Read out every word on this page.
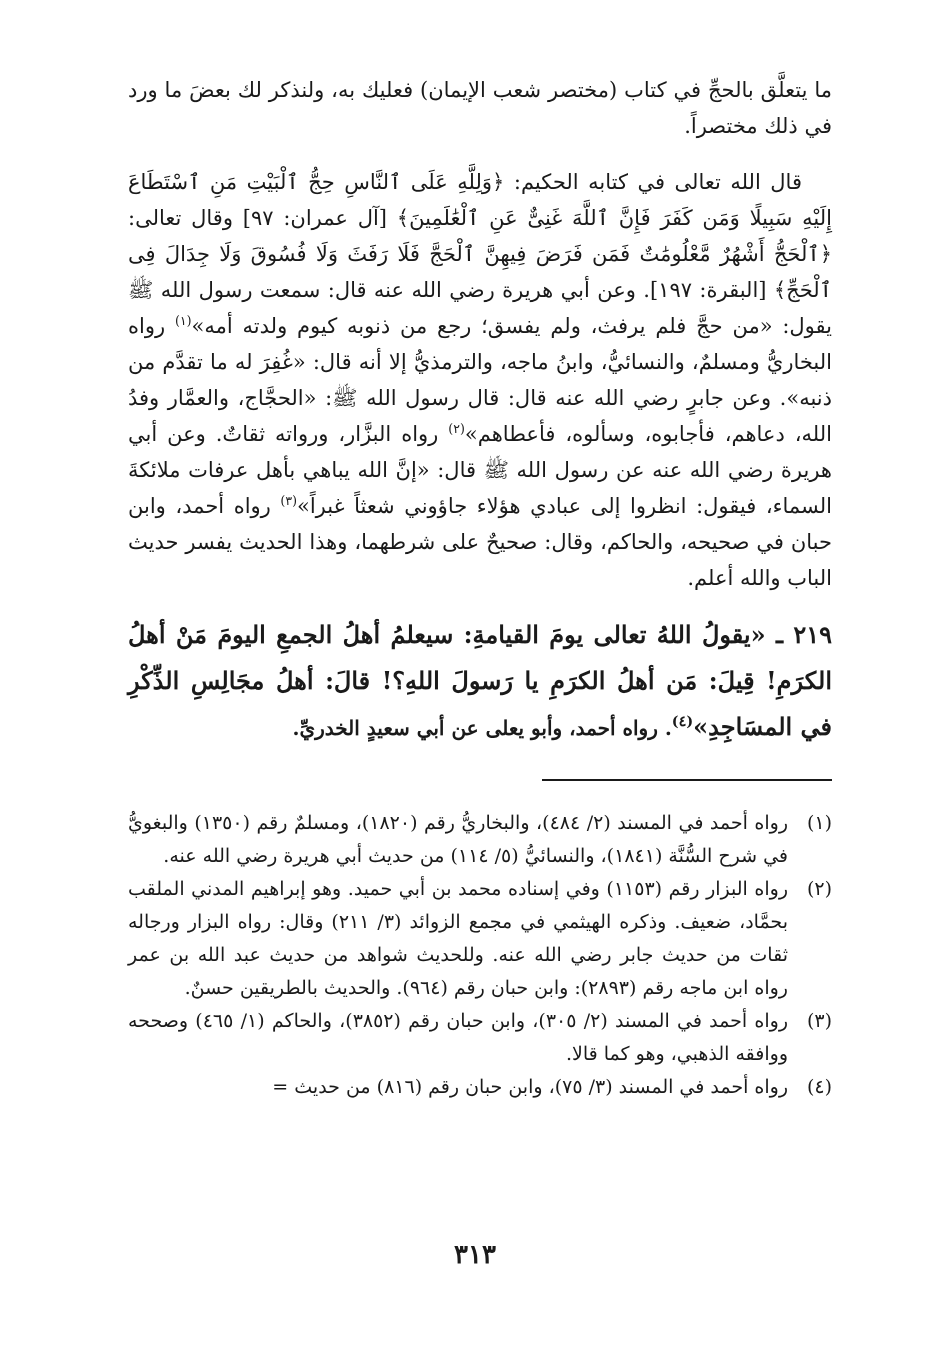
ما يتعلَّق بالحجِّ في كتاب (مختصر شعب الإيمان) فعليك به، ولنذكر لك بعضَ ما ورد في ذلك مختصراً.

قال الله تعالى في كتابه الحكيم: ﴿وَلِلَّهِ عَلَى ٱلنَّاسِ حِجُّ ٱلْبَيْتِ مَنِ ٱسْتَطَاعَ إِلَيْهِ سَبِيلًا وَمَن كَفَرَ فَإِنَّ ٱللَّهَ غَنِىٌّ عَنِ ٱلْعَٰلَمِينَ﴾ [آل عمران: ٩٧] وقال تعالى: ﴿ٱلْحَجُّ أَشْهُرٌ مَّعْلُومَٰتٌ فَمَن فَرَضَ فِيهِنَّ ٱلْحَجَّ فَلَا رَفَثَ وَلَا فُسُوقَ وَلَا جِدَالَ فِى ٱلْحَجِّ﴾ [البقرة: ١٩٧]. وعن أبي هريرة رضي الله عنه قال: سمعت رسول الله ﷺ يقول: «من حجَّ فلم يرفث، ولم يفسق؛ رجع من ذنوبه كيوم ولدته أمه»$^{(١)}$ رواه البخاريُّ ومسلمٌ، والنسائيُّ، وابنُ ماجه، والترمذيُّ إلا أنه قال: «غُفِرَ له ما تقدَّم من ذنبه». وعن جابرٍ رضي الله عنه قال: قال رسول الله ﷺ: «الحجَّاج، والعمَّار وفدُ الله، دعاهم، فأجابوه، وسألوه، فأعطاهم»$^{(٢)}$ رواه البزَّار، ورواته ثقاتٌ. وعن أبي هريرة رضي الله عنه عن رسول الله ﷺ قال: «إنَّ الله يباهي بأهل عرفات ملائكةَ السماء، فيقول: انظروا إلى عبادي هؤلاء جاؤوني شعثاً غبراً»$^{(٣)}$ رواه أحمد، وابن حبان في صحيحه، والحاكم، وقال: صحيحٌ على شرطهما، وهذا الحديث يفسر حديث الباب والله أعلم.

٢١٩ ـ «يقولُ اللهُ تعالى يومَ القيامةِ: سيعلمُ أهلُ الجمعِ اليومَ مَنْ أهلُ الكرَمِ! قِيلَ: مَن أهلُ الكرَمِ يا رَسولَ اللهِ؟! قالَ: أهلُ مجَالِسِ الذِّكْرِ في المسَاجِدِ»$^{(٤)}$. رواه أحمد، وأبو يعلى عن أبي سعيدٍ الخدريِّ.

(١)
رواه أحمد في المسند (٢/ ٤٨٤)، والبخاريُّ رقم (١٨٢٠)، ومسلمٌ رقم (١٣٥٠) والبغويُّ في شرح السُّنَّة (١٨٤١)، والنسائيُّ (٥/ ١١٤) من حديث أبي هريرة رضي الله عنه.
(٢)
رواه البزار رقم (١١٥٣) وفي إسناده محمد بن أبي حميد. وهو إبراهيم المدني الملقب بحمَّاد، ضعيف. وذكره الهيثمي في مجمع الزوائد (٣/ ٢١١) وقال: رواه البزار ورجاله ثقات من حديث جابر رضي الله عنه. وللحديث شواهد من حديث عبد الله بن عمر رواه ابن ماجه رقم (٢٨٩٣): وابن حبان رقم (٩٦٤). والحديث بالطريقين حسنٌ.
(٣)
رواه أحمد في المسند (٢/ ٣٠٥)، وابن حبان رقم (٣٨٥٢)، والحاكم (١/ ٤٦٥) وصححه ووافقه الذهبي، وهو كما قالا.
(٤)
رواه أحمد في المسند (٣/ ٧٥)، وابن حبان رقم (٨١٦) من حديث =
٣١٣
